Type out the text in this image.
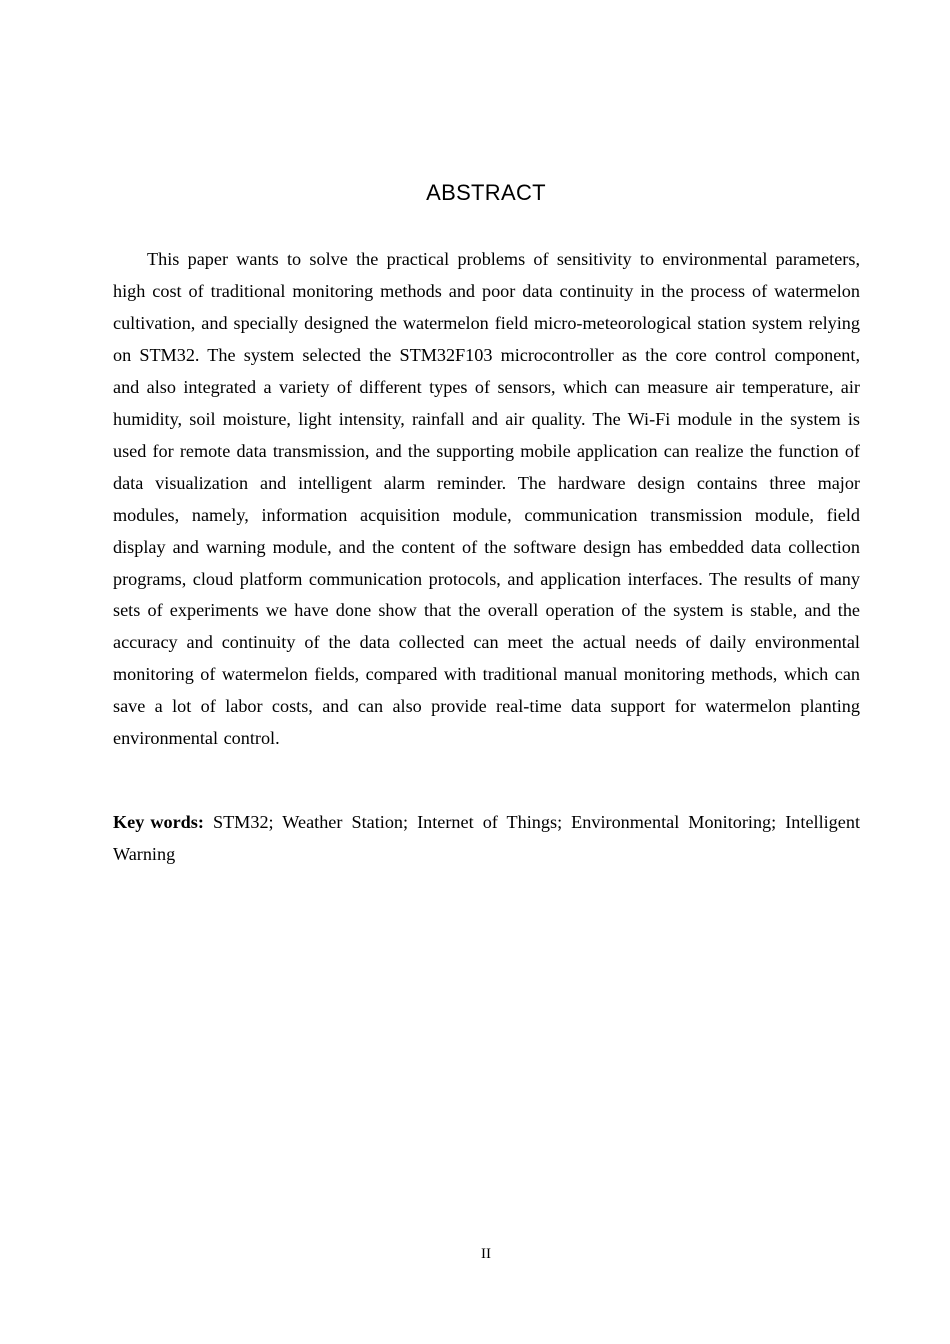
ABSTRACT

This paper wants to solve the practical problems of sensitivity to environmental parameters, high cost of traditional monitoring methods and poor data continuity in the process of watermelon cultivation, and specially designed the watermelon field micro-meteorological station system relying on STM32. The system selected the STM32F103 microcontroller as the core control component, and also integrated a variety of different types of sensors, which can measure air temperature, air humidity, soil moisture, light intensity, rainfall and air quality. The Wi-Fi module in the system is used for remote data transmission, and the supporting mobile application can realize the function of data visualization and intelligent alarm reminder. The hardware design contains three major modules, namely, information acquisition module, communication transmission module, field display and warning module, and the content of the software design has embedded data collection programs, cloud platform communication protocols, and application interfaces. The results of many sets of experiments we have done show that the overall operation of the system is stable, and the accuracy and continuity of the data collected can meet the actual needs of daily environmental monitoring of watermelon fields, compared with traditional manual monitoring methods, which can save a lot of labor costs, and can also provide real-time data support for watermelon planting environmental control.

Key words: STM32; Weather Station; Internet of Things; Environmental Monitoring; Intelligent Warning

II
